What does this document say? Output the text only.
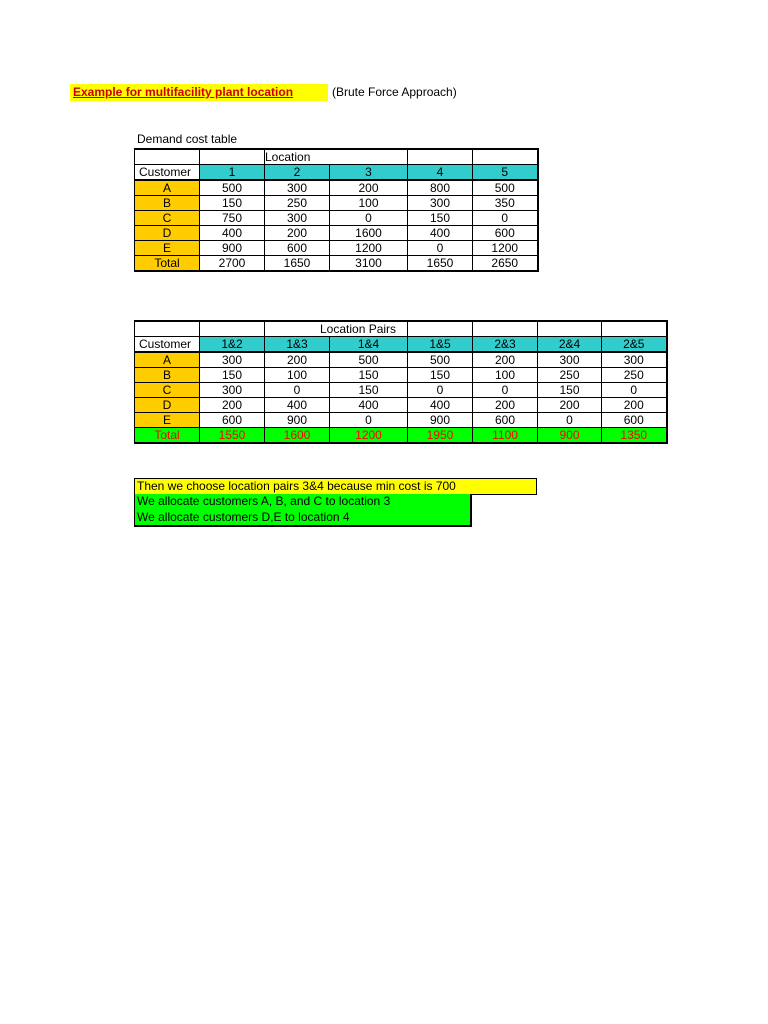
Example for multifacility plant location	(Brute Force Approach)
Demand cost table
		Location			
Customer	1	2	3	4	5
A	500	300	200	800	500
B	150	250	100	300	350
C	750	300	0	150	0
D	400	200	1600	400	600
E	900	600	1200	0	1200
Total	2700	1650	3100	1650	2650
		Location Pairs					
Customer	1&2	1&3	1&4	1&5	2&3	2&4	2&5
A	300	200	500	500	200	300	300
B	150	100	150	150	100	250	250
C	300	0	150	0	0	150	0
D	200	400	400	400	200	200	200
E	600	900	0	900	600	0	600
Total	1550	1600	1200	1950	1100	900	1350
Then we choose location pairs 3&4 because min cost is 700
We allocate customers A, B, and C to location 3
We allocate customers D,E to location 4
